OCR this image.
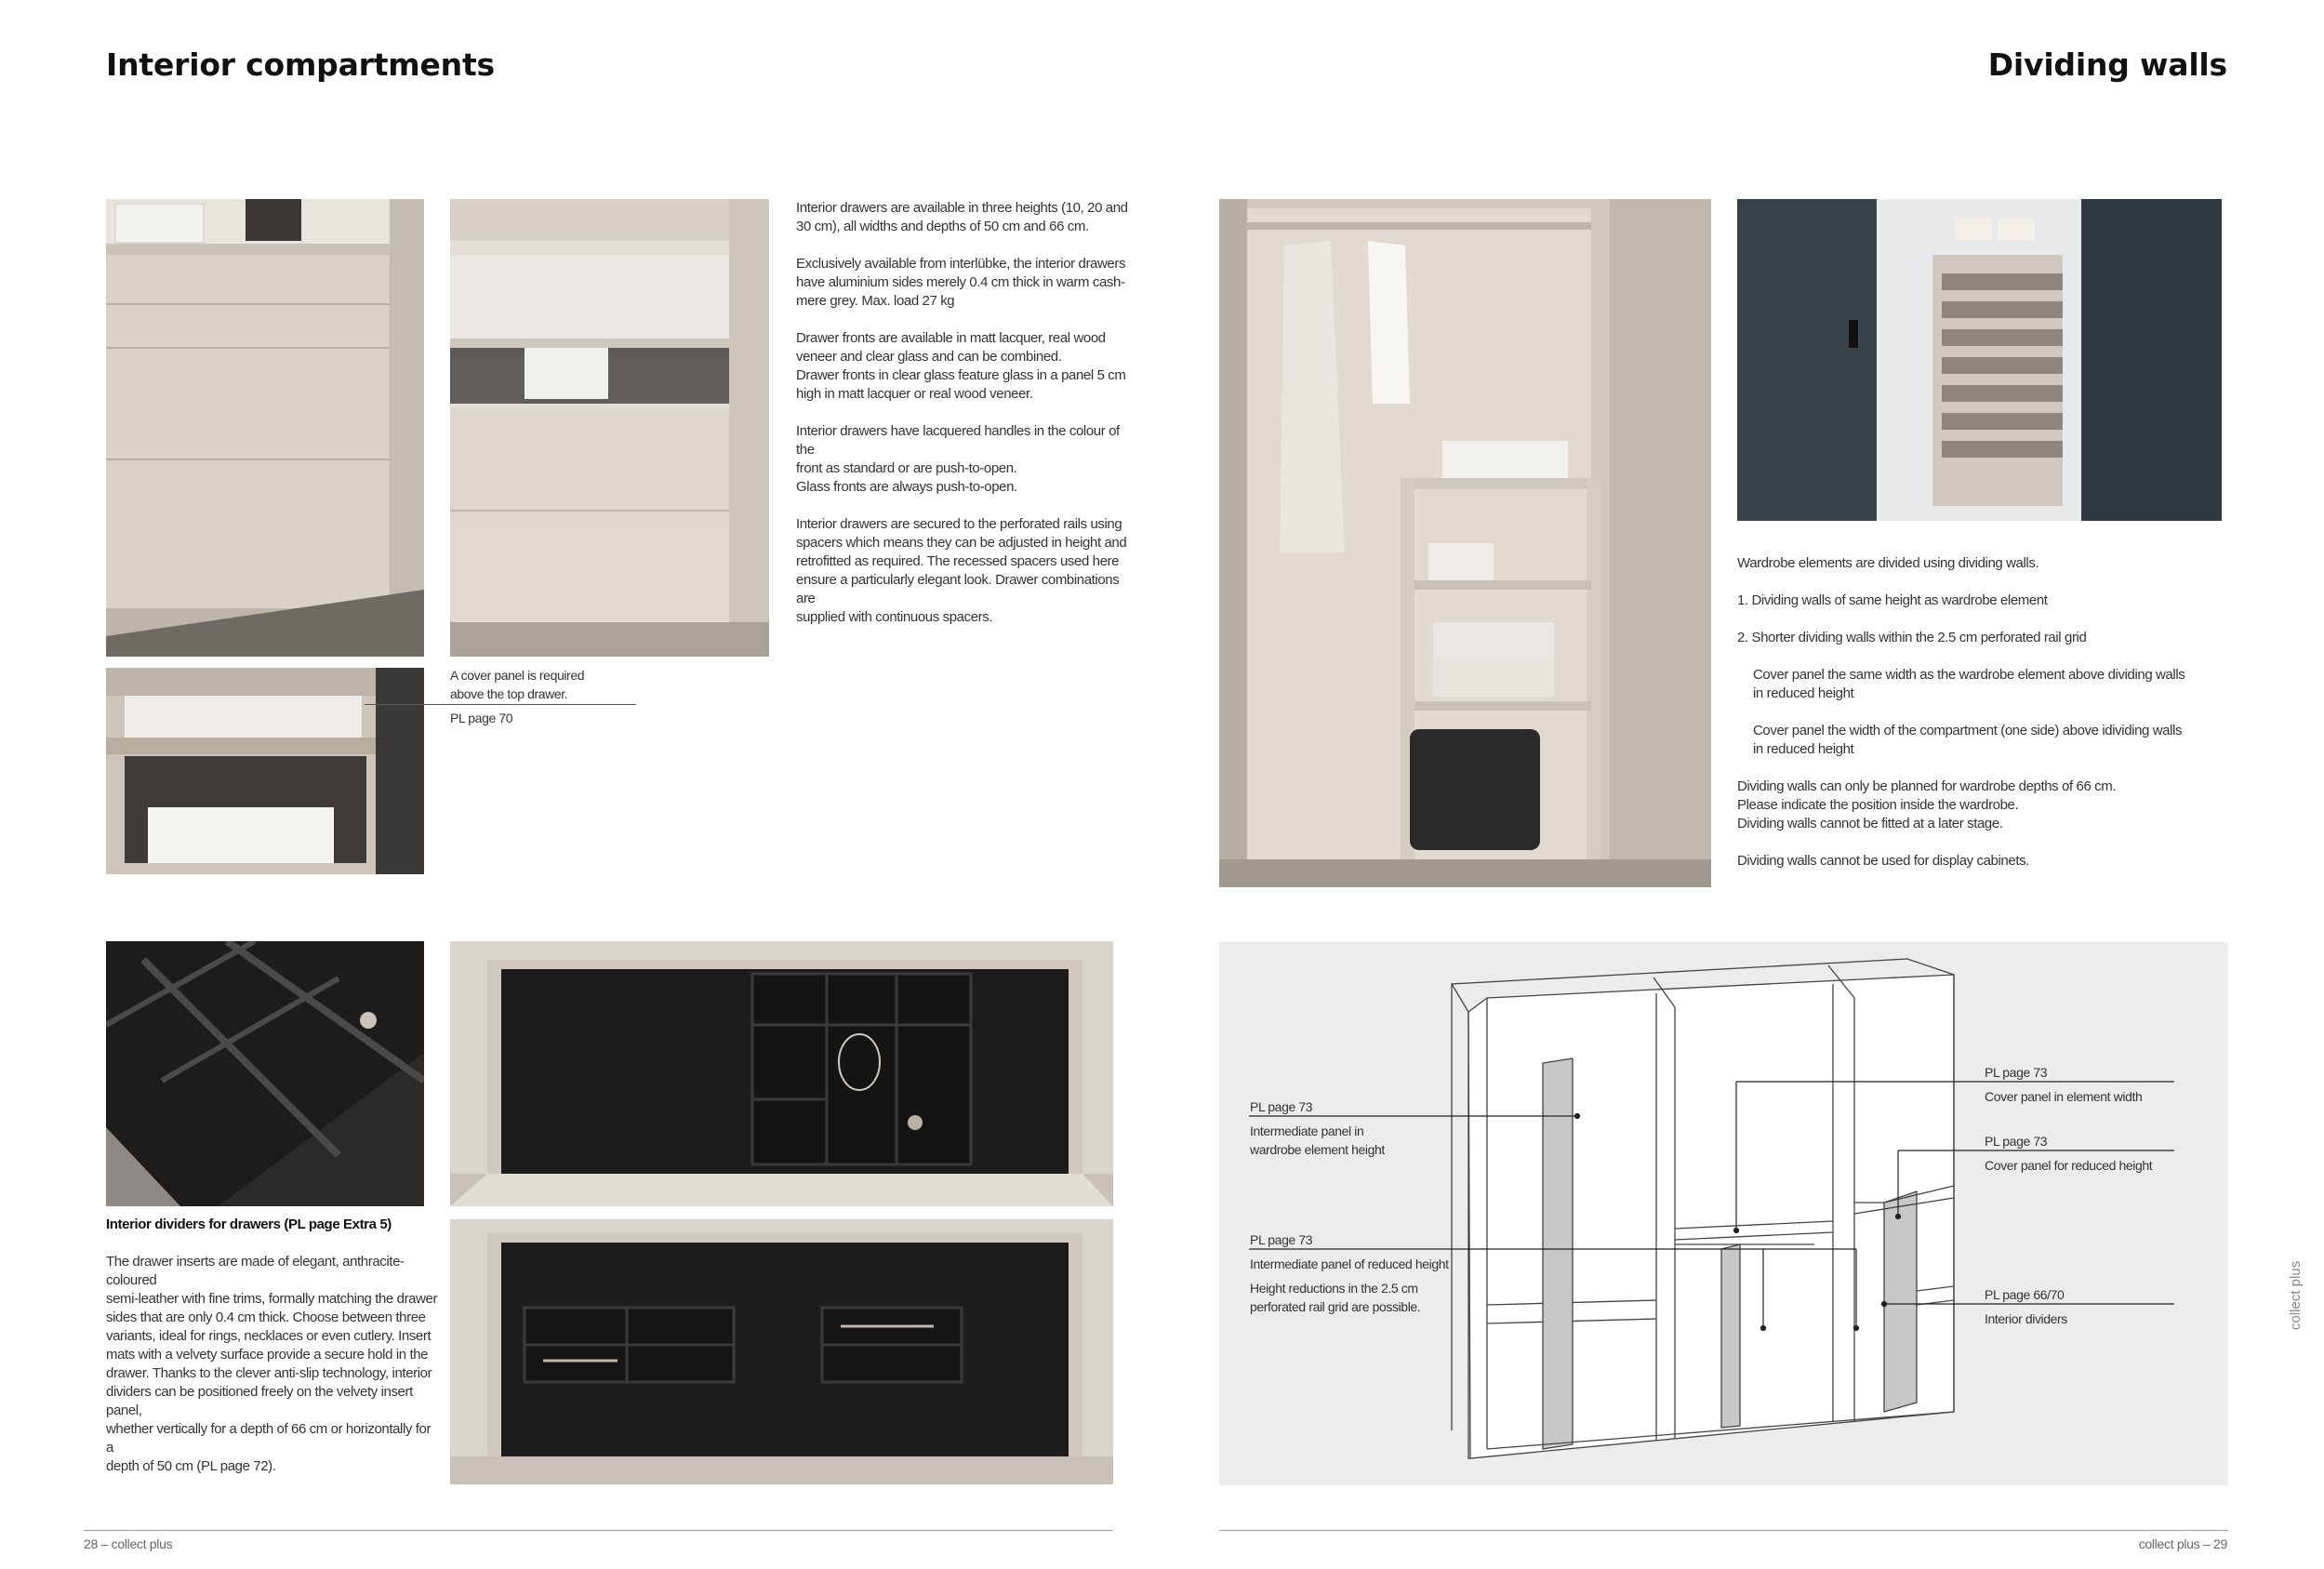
Interior compartments
A cover panel is required
above the top drawer.
PL page 70

Interior drawers are available in three heights (10, 20 and
30 cm), all widths and depths of 50 cm and 66 cm.

Exclusively available from interlübke, the interior drawers
have aluminium sides merely 0.4 cm thick in warm cash-
mere grey. Max. load 27 kg

Drawer fronts are available in matt lacquer, real wood
veneer and clear glass and can be combined.
Drawer fronts in clear glass feature glass in a panel 5 cm
high in matt lacquer or real wood veneer.

Interior drawers have lacquered handles in the colour of the
front as standard or are push-to-open.
Glass fronts are always push-to-open.

Interior drawers are secured to the perforated rails using
spacers which means they can be adjusted in height and
retrofitted as required. The recessed spacers used here
ensure a particularly elegant look. Drawer combinations are
supplied with continuous spacers.

Interior dividers for drawers (PL page Extra 5)
The drawer inserts are made of elegant, anthracite-coloured
semi-leather with fine trims, formally matching the drawer
sides that are only 0.4 cm thick. Choose between three
variants, ideal for rings, necklaces or even cutlery. Insert
mats with a velvety surface provide a secure hold in the
drawer. Thanks to the clever anti-slip technology, interior
dividers can be positioned freely on the velvety insert panel,
whether vertically for a depth of 66 cm or horizontally for a
depth of 50 cm (PL page 72).
28 – collect plus
Dividing walls

Wardrobe elements are divided using dividing walls.

1. Dividing walls of same height as wardrobe element

2. Shorter dividing walls within the 2.5 cm perforated rail grid

Cover panel the same width as the wardrobe element above dividing walls
in reduced height

Cover panel the width of the compartment (one side) above idividing walls
in reduced height

Dividing walls can only be planned for wardrobe depths of 66 cm.
Please indicate the position inside the wardrobe.
Dividing walls cannot be fitted at a later stage.

Dividing walls cannot be used for display cabinets.

PL page 73
Intermediate panel in
wardrobe element height
PL page 73
Intermediate panel of reduced height
Height reductions in the 2.5 cm
perforated rail grid are possible.
PL page 73
Cover panel in element width
PL page 73
Cover panel for reduced height
PL page 66/70
Interior dividers	collect plus
collect plus – 29
